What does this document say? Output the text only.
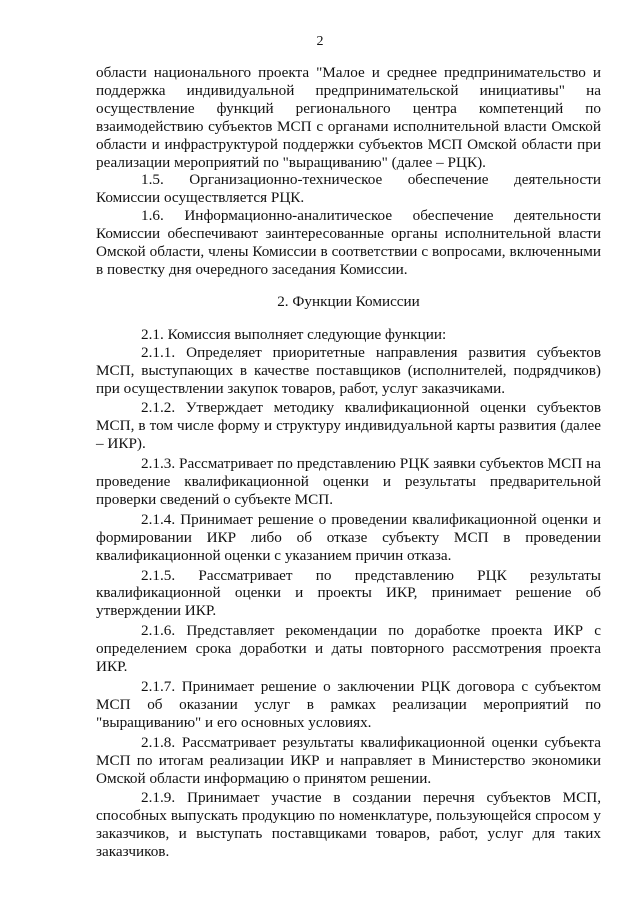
2

области национального проекта "Малое и среднее предпринимательство и поддержка индивидуальной предпринимательской инициативы" на осуществление функций регионального центра компетенций по взаимодействию субъектов МСП с органами исполнительной власти Омской области и инфраструктурой поддержки субъектов МСП Омской области при реализации мероприятий по "выращиванию" (далее – РЦК).

1.5. Организационно-техническое обеспечение деятельности Комиссии осуществляется РЦК.

1.6. Информационно-аналитическое обеспечение деятельности Комиссии обеспечивают заинтересованные органы исполнительной власти Омской области, члены Комиссии в соответствии с вопросами, включенными в повестку дня очередного заседания Комиссии.

2. Функции Комиссии

2.1. Комиссия выполняет следующие функции:

2.1.1. Определяет приоритетные направления развития субъектов МСП, выступающих в качестве поставщиков (исполнителей, подрядчиков) при осуществлении закупок товаров, работ, услуг заказчиками.

2.1.2. Утверждает методику квалификационной оценки субъектов МСП, в том числе форму и структуру индивидуальной карты развития (далее – ИКР).

2.1.3. Рассматривает по представлению РЦК заявки субъектов МСП на проведение квалификационной оценки и результаты предварительной проверки сведений о субъекте МСП.

2.1.4. Принимает решение о проведении квалификационной оценки и формировании ИКР либо об отказе субъекту МСП в проведении квалификационной оценки с указанием причин отказа.

2.1.5. Рассматривает по представлению РЦК результаты квалификационной оценки и проекты ИКР, принимает решение об утверждении ИКР.

2.1.6. Представляет рекомендации по доработке проекта ИКР с определением срока доработки и даты повторного рассмотрения проекта ИКР.

2.1.7. Принимает решение о заключении РЦК договора с субъектом МСП об оказании услуг в рамках реализации мероприятий по "выращиванию" и его основных условиях.

2.1.8. Рассматривает результаты квалификационной оценки субъекта МСП по итогам реализации ИКР и направляет в Министерство экономики Омской области информацию о принятом решении.

2.1.9. Принимает участие в создании перечня субъектов МСП, способных выпускать продукцию по номенклатуре, пользующейся спросом у заказчиков, и выступать поставщиками товаров, работ, услуг для таких заказчиков.
